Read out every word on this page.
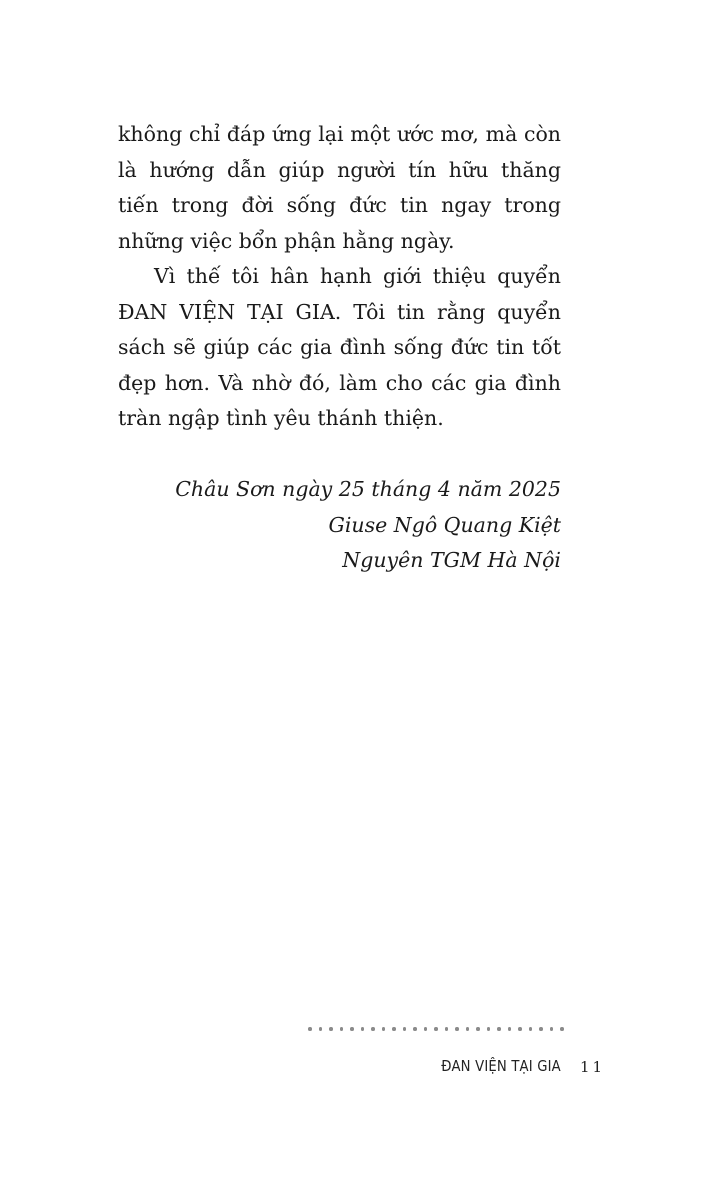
không chỉ đáp ứng lại một ước mơ, mà còn là hướng dẫn giúp người tín hữu thăng tiến trong đời sống đức tin ngay trong những việc bổn phận hằng ngày.

Vì thế tôi hân hạnh giới thiệu quyển ĐAN VIỆN TẠI GIA. Tôi tin rằng quyển sách sẽ giúp các gia đình sống đức tin tốt đẹp hơn. Và nhờ đó, làm cho các gia đình tràn ngập tình yêu thánh thiện.

Châu Sơn ngày 25 tháng 4 năm 2025
Giuse Ngô Quang Kiệt
Nguyên TGM Hà Nội
ĐAN VIỆN TẠI GIA 11
